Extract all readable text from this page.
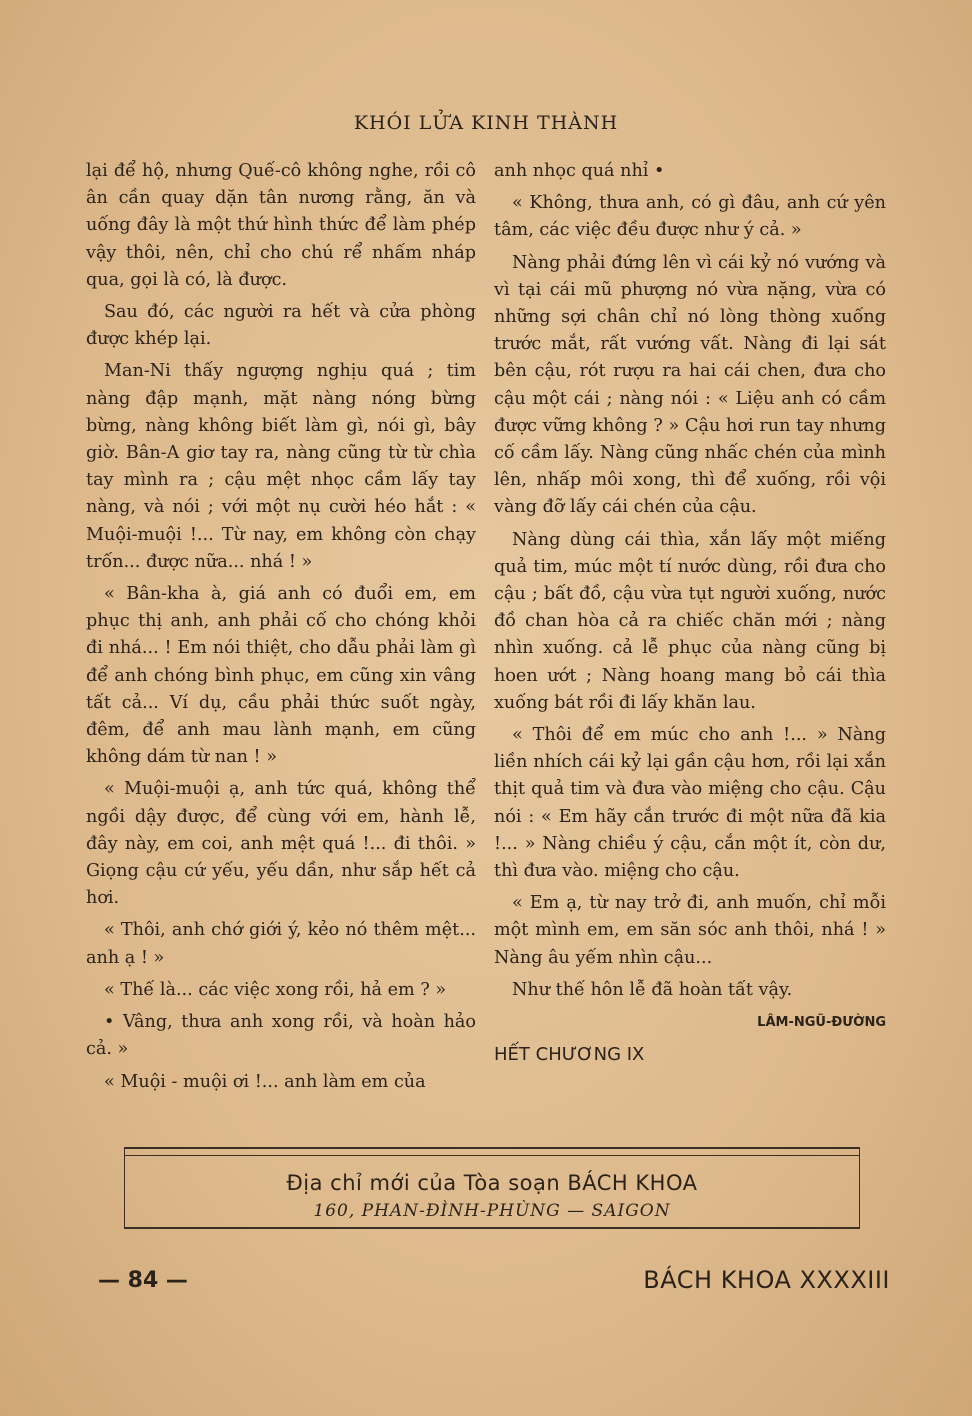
KHÓI LỬA KINH THÀNH

lại để hộ, nhưng Quế-cô không nghe, rồi cô ân cần quay dặn tân nương rằng, ăn và uống đây là một thứ hình thức để làm phép vậy thôi, nên, chỉ cho chú rể nhấm nháp qua, gọi là có, là được.

Sau đó, các người ra hết và cửa phòng được khép lại.

Man-Ni thấy ngượng nghịu quá ; tim nàng đập mạnh, mặt nàng nóng bừng bừng, nàng không biết làm gì, nói gì, bây giờ. Bân-A giơ tay ra, nàng cũng từ từ chìa tay mình ra ; cậu mệt nhọc cầm lấy tay nàng, và nói ; với một nụ cười héo hắt : « Muội-muội !... Từ nay, em không còn chạy trốn... được nữa... nhá ! »

« Bân-kha à, giá anh có đuổi em, em phục thị anh, anh phải cố cho chóng khỏi đi nhá... ! Em nói thiệt, cho dẫu phải làm gì để anh chóng bình phục, em cũng xin vâng tất cả... Ví dụ, cầu phải thức suốt ngày, đêm, để anh mau lành mạnh, em cũng không dám từ nan ! »

« Muội-muội ạ, anh tức quá, không thể ngồi dậy được, để cùng với em, hành lễ, đây này, em coi, anh mệt quá !... đi thôi. » Giọng cậu cứ yếu, yếu dần, như sắp hết cả hơi.

« Thôi, anh chớ giới ý, kẻo nó thêm mệt... anh ạ ! »

« Thế là... các việc xong rồi, hả em ? »

• Vâng, thưa anh xong rồi, và hoàn hảo cả. »

« Muội - muội ơi !... anh làm em của

anh nhọc quá nhỉ •

« Không, thưa anh, có gì đâu, anh cứ yên tâm, các việc đều được như ý cả. »

Nàng phải đứng lên vì cái kỷ nó vướng và vì tại cái mũ phượng nó vừa nặng, vừa có những sợi chân chỉ nó lòng thòng xuống trước mắt, rất vướng vất. Nàng đi lại sát bên cậu, rót rượu ra hai cái chen, đưa cho cậu một cái ; nàng nói : « Liệu anh có cầm được vững không ? » Cậu hơi run tay nhưng cố cầm lấy. Nàng cũng nhấc chén của mình lên, nhấp môi xong, thì để xuống, rồi vội vàng đỡ lấy cái chén của cậu.

Nàng dùng cái thìa, xắn lấy một miếng quả tim, múc một tí nước dùng, rồi đưa cho cậu ; bất đồ, cậu vừa tụt người xuống, nước đồ chan hòa cả ra chiếc chăn mới ; nàng nhìn xuống. cả lễ phục của nàng cũng bị hoen ướt ; Nàng hoang mang bỏ cái thìa xuống bát rồi đi lấy khăn lau.

« Thôi để em múc cho anh !... » Nàng liền nhích cái kỷ lại gần cậu hơn, rồi lại xắn thịt quả tim và đưa vào miệng cho cậu. Cậu nói : « Em hãy cắn trước đi một nữa đã kia !... » Nàng chiều ý cậu, cắn một ít, còn dư, thì đưa vào. miệng cho cậu.

« Em ạ, từ nay trở đi, anh muốn, chỉ mỗi một mình em, em săn sóc anh thôi, nhá ! » Nàng âu yếm nhìn cậu...

Như thế hôn lễ đã hoàn tất vậy.

LÂM-NGŨ-ĐƯỜNG

HẾT CHƯƠNG IX

Địa chỉ mới của Tòa soạn BÁCH KHOA
160, PHAN-ĐÌNH-PHÙNG — SAIGON
— 84 —	BÁCH KHOA XXXXIII
